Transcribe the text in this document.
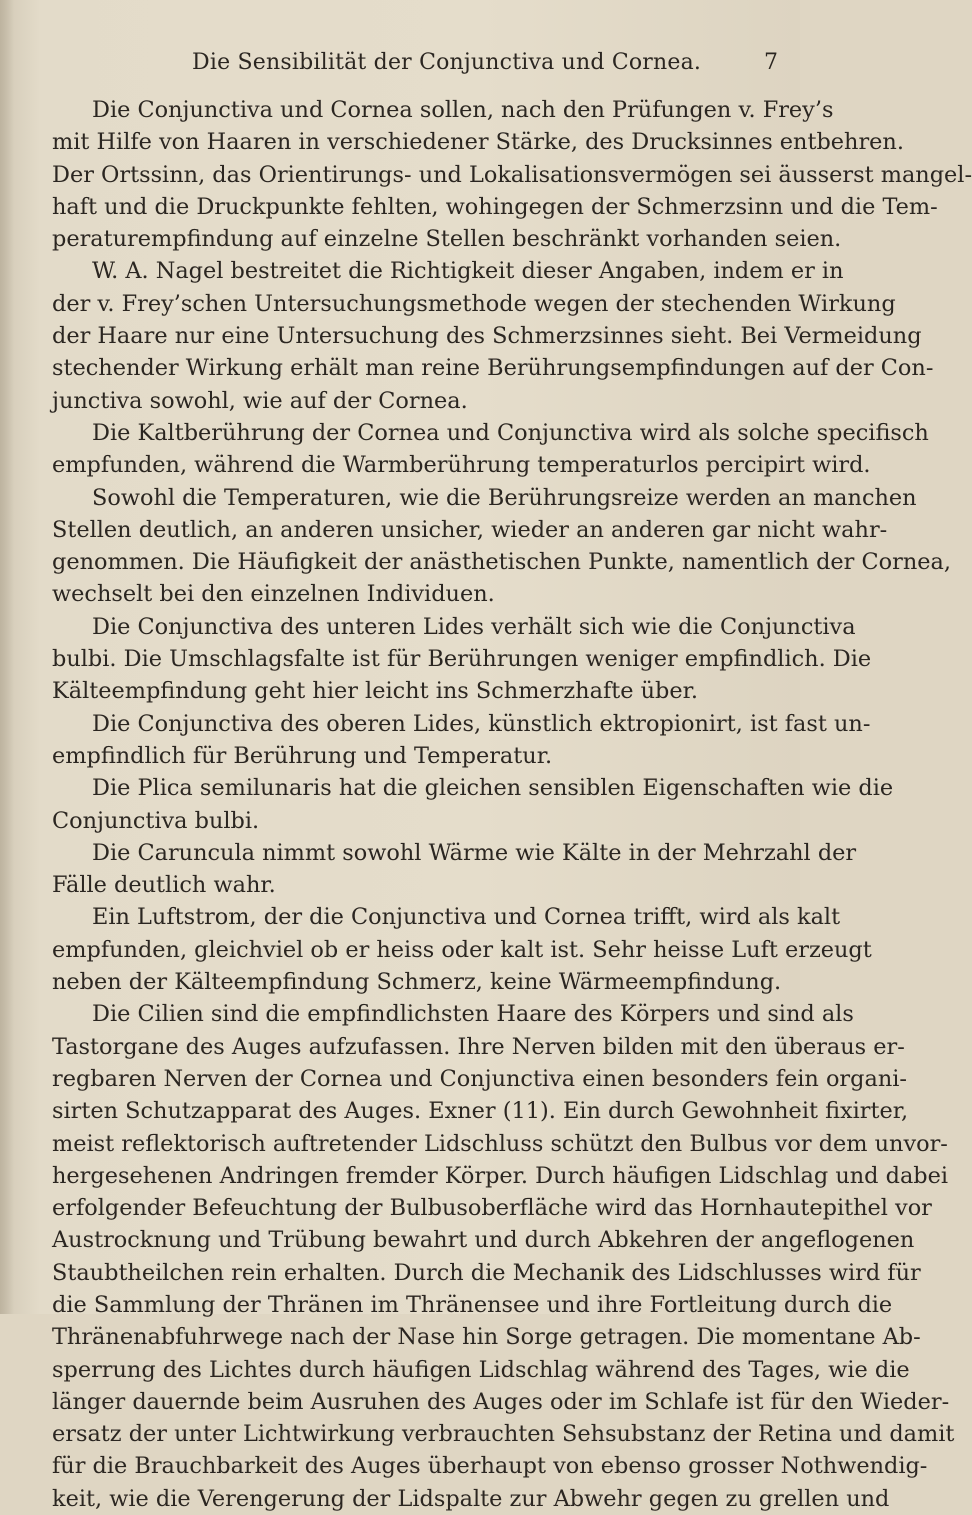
Die Sensibilität der Conjunctiva und Cornea.	7
Die Conjunctiva und Cornea sollen, nach den Prüfungen v. Frey’s
mit Hilfe von Haaren in verschiedener Stärke, des Drucksinnes entbehren.
Der Ortssinn, das Orientirungs- und Lokalisationsvermögen sei äusserst mangel-
haft und die Druckpunkte fehlten, wohingegen der Schmerzsinn und die Tem-
peraturempfindung auf einzelne Stellen beschränkt vorhanden seien.
W. A. Nagel bestreitet die Richtigkeit dieser Angaben, indem er in
der v. Frey’schen Untersuchungsmethode wegen der stechenden Wirkung
der Haare nur eine Untersuchung des Schmerzsinnes sieht. Bei Vermeidung
stechender Wirkung erhält man reine Berührungsempfindungen auf der Con-
junctiva sowohl, wie auf der Cornea.
Die Kaltberührung der Cornea und Conjunctiva wird als solche specifisch
empfunden, während die Warmberührung temperaturlos percipirt wird.
Sowohl die Temperaturen, wie die Berührungsreize werden an manchen
Stellen deutlich, an anderen unsicher, wieder an anderen gar nicht wahr-
genommen. Die Häufigkeit der anästhetischen Punkte, namentlich der Cornea,
wechselt bei den einzelnen Individuen.
Die Conjunctiva des unteren Lides verhält sich wie die Conjunctiva
bulbi. Die Umschlagsfalte ist für Berührungen weniger empfindlich. Die
Kälteempfindung geht hier leicht ins Schmerzhafte über.
Die Conjunctiva des oberen Lides, künstlich ektropionirt, ist fast un-
empfindlich für Berührung und Temperatur.
Die Plica semilunaris hat die gleichen sensiblen Eigenschaften wie die
Conjunctiva bulbi.
Die Caruncula nimmt sowohl Wärme wie Kälte in der Mehrzahl der
Fälle deutlich wahr.
Ein Luftstrom, der die Conjunctiva und Cornea trifft, wird als kalt
empfunden, gleichviel ob er heiss oder kalt ist. Sehr heisse Luft erzeugt
neben der Kälteempfindung Schmerz, keine Wärmeempfindung.
Die Cilien sind die empfindlichsten Haare des Körpers und sind als
Tastorgane des Auges aufzufassen. Ihre Nerven bilden mit den überaus er-
regbaren Nerven der Cornea und Conjunctiva einen besonders fein organi-
sirten Schutzapparat des Auges. Exner (11). Ein durch Gewohnheit fixirter,
meist reflektorisch auftretender Lidschluss schützt den Bulbus vor dem unvor-
hergesehenen Andringen fremder Körper. Durch häufigen Lidschlag und dabei
erfolgender Befeuchtung der Bulbusoberfläche wird das Hornhautepithel vor
Austrocknung und Trübung bewahrt und durch Abkehren der angeflogenen
Staubtheilchen rein erhalten. Durch die Mechanik des Lidschlusses wird für
die Sammlung der Thränen im Thränensee und ihre Fortleitung durch die
Thränenabfuhrwege nach der Nase hin Sorge getragen. Die momentane Ab-
sperrung des Lichtes durch häufigen Lidschlag während des Tages, wie die
länger dauernde beim Ausruhen des Auges oder im Schlafe ist für den Wieder-
ersatz der unter Lichtwirkung verbrauchten Sehsubstanz der Retina und damit
für die Brauchbarkeit des Auges überhaupt von ebenso grosser Nothwendig-
keit, wie die Verengerung der Lidspalte zur Abwehr gegen zu grellen und
